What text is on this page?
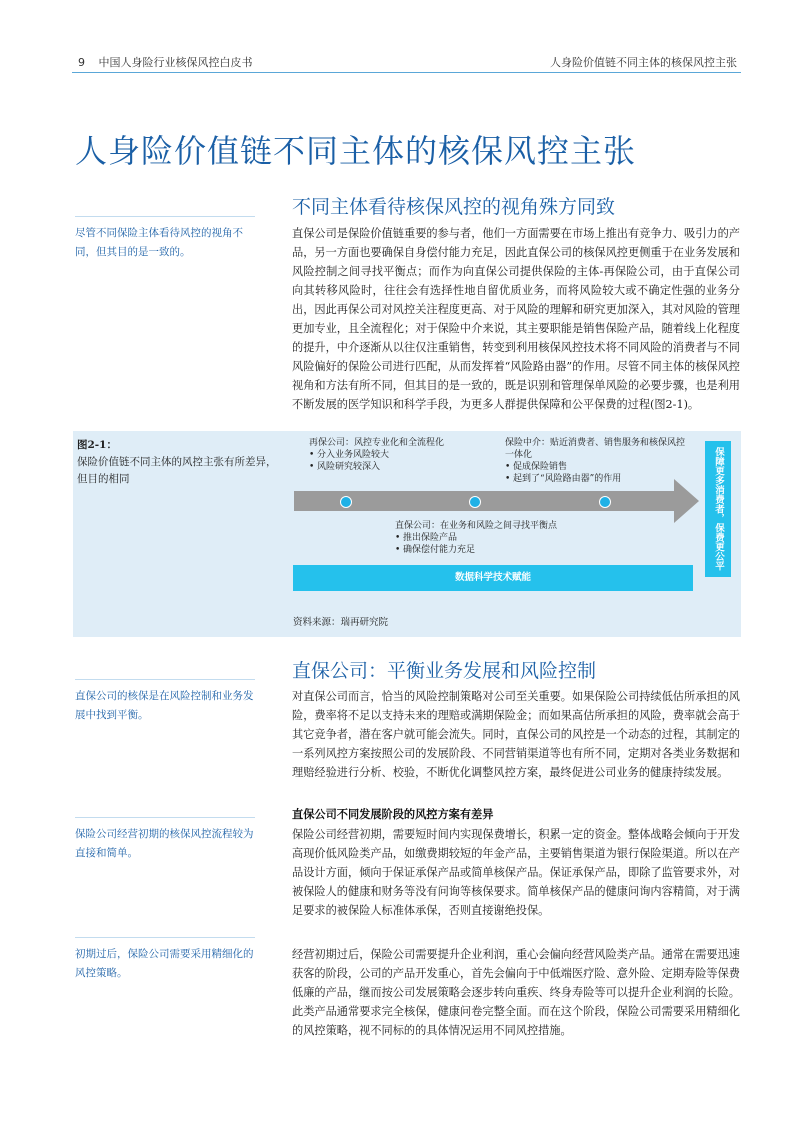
9 中国人身险行业核保风控白皮书	人身险价值链不同主体的核保风控主张
人身险价值链不同主体的核保风控主张
不同主体看待核保风控的视角殊方同致
尽管不同保险主体看待风控的视角不同，但其目的是一致的。

直保公司是保险价值链重要的参与者，他们一方面需要在市场上推出有竞争力、吸引力的产品，另一方面也要确保自身偿付能力充足，因此直保公司的核保风控更侧重于在业务发展和风险控制之间寻找平衡点；而作为向直保公司提供保险的主体-再保险公司，由于直保公司向其转移风险时，往往会有选择性地自留优质业务，而将风险较大或不确定性强的业务分出，因此再保公司对风控关注程度更高、对于风险的理解和研究更加深入，其对风险的管理更加专业，且全流程化；对于保险中介来说，其主要职能是销售保险产品，随着线上化程度的提升，中介逐渐从以往仅注重销售，转变到利用核保风控技术将不同风险的消费者与不同风险偏好的保险公司进行匹配，从而发挥着“风险路由器”的作用。尽管不同主体的核保风控视角和方法有所不同，但其目的是一致的，既是识别和管理保单风险的必要步骤，也是利用不断发展的医学知识和科学手段，为更多人群提供保障和公平保费的过程(图2-1)。

图2-1：
保险价值链不同主体的风控主张有所差异，但目的相同
再保公司：风控专业化和全流程化
• 分入业务风险较大
• 风险研究较深入
保险中介：贴近消费者、销售服务和核保风控一体化
• 促成保险销售
• 起到了“风险路由器”的作用
直保公司：在业务和风险之间寻找平衡点
• 推出保险产品
• 确保偿付能力充足
数据科学技术赋能
保障更多消费者，保费更公平
资料来源：瑞再研究院
直保公司：平衡业务发展和风险控制
直保公司的核保是在风险控制和业务发展中找到平衡。

对直保公司而言，恰当的风险控制策略对公司至关重要。如果保险公司持续低估所承担的风险，费率将不足以支持未来的理赔或满期保险金；而如果高估所承担的风险，费率就会高于其它竞争者，潜在客户就可能会流失。同时，直保公司的风控是一个动态的过程，其制定的一系列风控方案按照公司的发展阶段、不同营销渠道等也有所不同，定期对各类业务数据和理赔经验进行分析、校验，不断优化调整风控方案，最终促进公司业务的健康持续发展。

直保公司不同发展阶段的风控方案有差异

保险公司经营初期的核保风控流程较为直接和简单。

保险公司经营初期，需要短时间内实现保费增长，积累一定的资金。整体战略会倾向于开发高现价低风险类产品，如缴费期较短的年金产品，主要销售渠道为银行保险渠道。所以在产品设计方面，倾向于保证承保产品或简单核保产品。保证承保产品，即除了监管要求外，对被保险人的健康和财务等没有问询等核保要求。简单核保产品的健康问询内容精简，对于满足要求的被保险人标准体承保，否则直接谢绝投保。

初期过后，保险公司需要采用精细化的风控策略。

经营初期过后，保险公司需要提升企业利润，重心会偏向经营风险类产品。通常在需要迅速获客的阶段，公司的产品开发重心，首先会偏向于中低端医疗险、意外险、定期寿险等保费低廉的产品，继而按公司发展策略会逐步转向重疾、终身寿险等可以提升企业利润的长险。此类产品通常要求完全核保，健康问卷完整全面。而在这个阶段，保险公司需要采用精细化的风控策略，视不同标的的具体情况运用不同风控措施。
